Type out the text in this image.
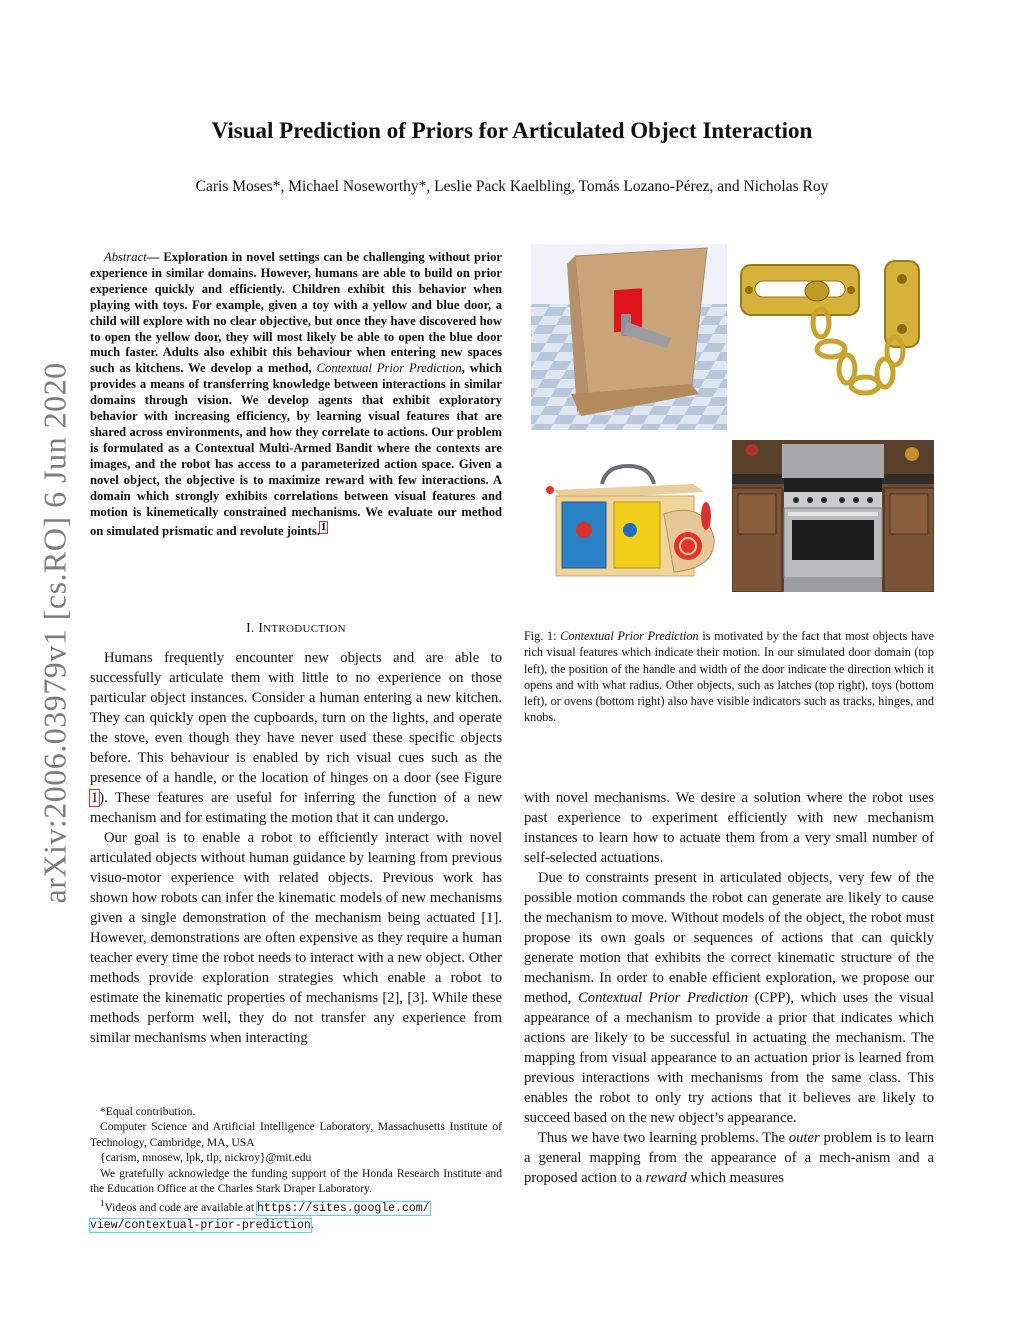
Visual Prediction of Priors for Articulated Object Interaction
Caris Moses*, Michael Noseworthy*, Leslie Pack Kaelbling, Tomás Lozano-Pérez, and Nicholas Roy
arXiv:2006.03979v1 [cs.RO] 6 Jun 2020
Abstract— Exploration in novel settings can be challenging without prior experience in similar domains. However, humans are able to build on prior experience quickly and efficiently. Children exhibit this behavior when playing with toys. For example, given a toy with a yellow and blue door, a child will explore with no clear objective, but once they have discovered how to open the yellow door, they will most likely be able to open the blue door much faster. Adults also exhibit this behaviour when entering new spaces such as kitchens. We develop a method, Contextual Prior Prediction, which provides a means of transferring knowledge between interactions in similar domains through vision. We develop agents that exhibit exploratory behavior with increasing efficiency, by learning visual features that are shared across environments, and how they correlate to actions. Our problem is formulated as a Contextual Multi-Armed Bandit where the contexts are images, and the robot has access to a parameterized action space. Given a novel object, the objective is to maximize reward with few interactions. A domain which strongly exhibits correlations between visual features and motion is kinemetically constrained mechanisms. We evaluate our method on simulated prismatic and revolute joints.$^1$
I. INTRODUCTION

Humans frequently encounter new objects and are able to successfully articulate them with little to no experience on those particular object instances. Consider a human entering a new kitchen. They can quickly open the cupboards, turn on the lights, and operate the stove, even though they have never used these specific objects before. This behaviour is enabled by rich visual cues such as the presence of a handle, or the location of hinges on a door (see Figure 1). These features are useful for inferring the function of a new mechanism and for estimating the motion that it can undergo.

Our goal is to enable a robot to efficiently interact with novel articulated objects without human guidance by learning from previous visuo-motor experience with related objects. Previous work has shown how robots can infer the kinematic models of new mechanisms given a single demonstration of the mechanism being actuated [1]. However, demonstrations are often expensive as they require a human teacher every time the robot needs to interact with a new object. Other methods provide exploration strategies which enable a robot to estimate the kinematic properties of mechanisms [2], [3]. While these methods perform well, they do not transfer any experience from similar mechanisms when interacting

*Equal contribution.

Computer Science and Artificial Intelligence Laboratory, Massachusetts Institute of Technology, Cambridge, MA, USA

{carism, mnosew, lpk, tlp, nickroy}@mit.edu

We gratefully acknowledge the funding support of the Honda Research Institute and the Education Office at the Charles Stark Draper Laboratory.

$^1$Videos and code are available at https://sites.google.com/
view/contextual-prior-prediction.

Fig. 1: Contextual Prior Prediction is motivated by the fact that most objects have rich visual features which indicate their motion. In our simulated door domain (top left), the position of the handle and width of the door indicate the direction which it opens and with what radius. Other objects, such as latches (top right), toys (bottom left), or ovens (bottom right) also have visible indicators such as tracks, hinges, and knobs.

with novel mechanisms. We desire a solution where the robot uses past experience to experiment efficiently with new mechanism instances to learn how to actuate them from a very small number of self-selected actuations.

Due to constraints present in articulated objects, very few of the possible motion commands the robot can generate are likely to cause the mechanism to move. Without models of the object, the robot must propose its own goals or sequences of actions that can quickly generate motion that exhibits the correct kinematic structure of the mechanism. In order to enable efficient exploration, we propose our method, Contextual Prior Prediction (CPP), which uses the visual appearance of a mechanism to provide a prior that indicates which actions are likely to be successful in actuating the mechanism. The mapping from visual appearance to an actuation prior is learned from previous interactions with mechanisms from the same class. This enables the robot to only try actions that it believes are likely to succeed based on the new object’s appearance.

Thus we have two learning problems. The outer problem is to learn a general mapping from the appearance of a mech-anism and a proposed action to a reward which measures
